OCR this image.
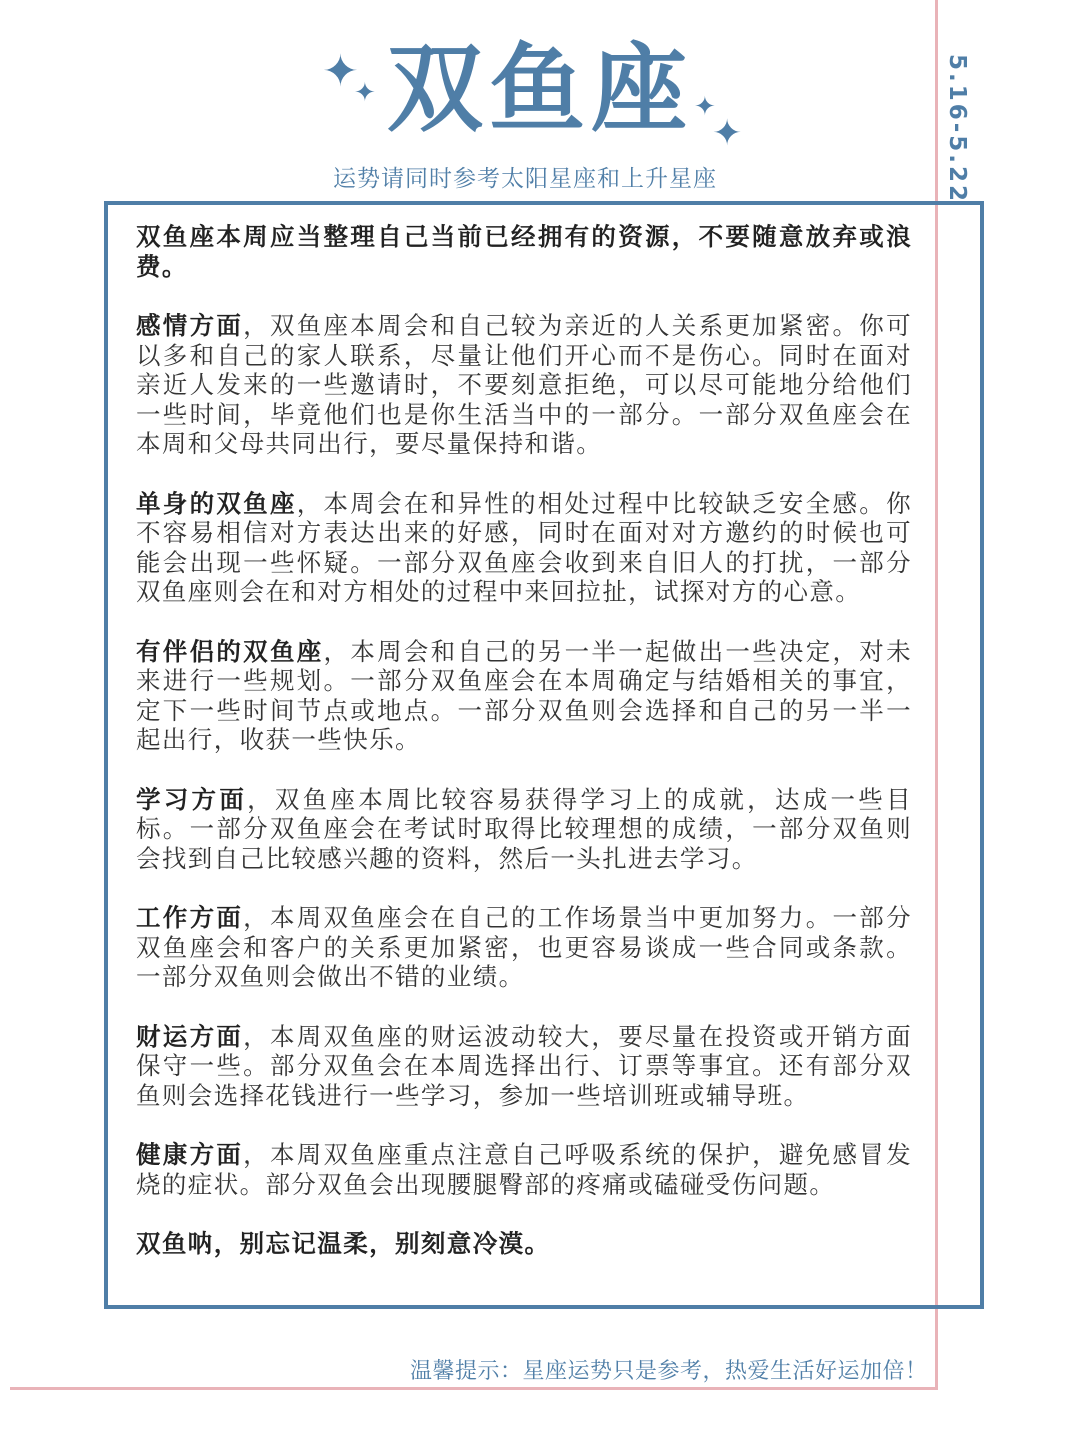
✦
✦	✦
✦
双鱼座
运势请同时参考太阳星座和上升星座	5.16-5.22

双鱼座本周应当整理自己当前已经拥有的资源，不要随意放弃或浪费。

感情方面，双鱼座本周会和自己较为亲近的人关系更加紧密。你可以多和自己的家人联系，尽量让他们开心而不是伤心。同时在面对亲近人发来的一些邀请时，不要刻意拒绝，可以尽可能地分给他们一些时间，毕竟他们也是你生活当中的一部分。一部分双鱼座会在本周和父母共同出行，要尽量保持和谐。

单身的双鱼座，本周会在和异性的相处过程中比较缺乏安全感。你不容易相信对方表达出来的好感，同时在面对对方邀约的时候也可能会出现一些怀疑。一部分双鱼座会收到来自旧人的打扰，一部分双鱼座则会在和对方相处的过程中来回拉扯，试探对方的心意。

有伴侣的双鱼座，本周会和自己的另一半一起做出一些决定，对未来进行一些规划。一部分双鱼座会在本周确定与结婚相关的事宜，定下一些时间节点或地点。一部分双鱼则会选择和自己的另一半一起出行，收获一些快乐。

学习方面，双鱼座本周比较容易获得学习上的成就，达成一些目标。一部分双鱼座会在考试时取得比较理想的成绩，一部分双鱼则会找到自己比较感兴趣的资料，然后一头扎进去学习。

工作方面，本周双鱼座会在自己的工作场景当中更加努力。一部分双鱼座会和客户的关系更加紧密，也更容易谈成一些合同或条款。一部分双鱼则会做出不错的业绩。

财运方面，本周双鱼座的财运波动较大，要尽量在投资或开销方面保守一些。部分双鱼会在本周选择出行、订票等事宜。还有部分双鱼则会选择花钱进行一些学习，参加一些培训班或辅导班。

健康方面，本周双鱼座重点注意自己呼吸系统的保护，避免感冒发烧的症状。部分双鱼会出现腰腿臀部的疼痛或磕碰受伤问题。

双鱼呐，别忘记温柔，别刻意冷漠。

温馨提示：星座运势只是参考，热爱生活好运加倍！
